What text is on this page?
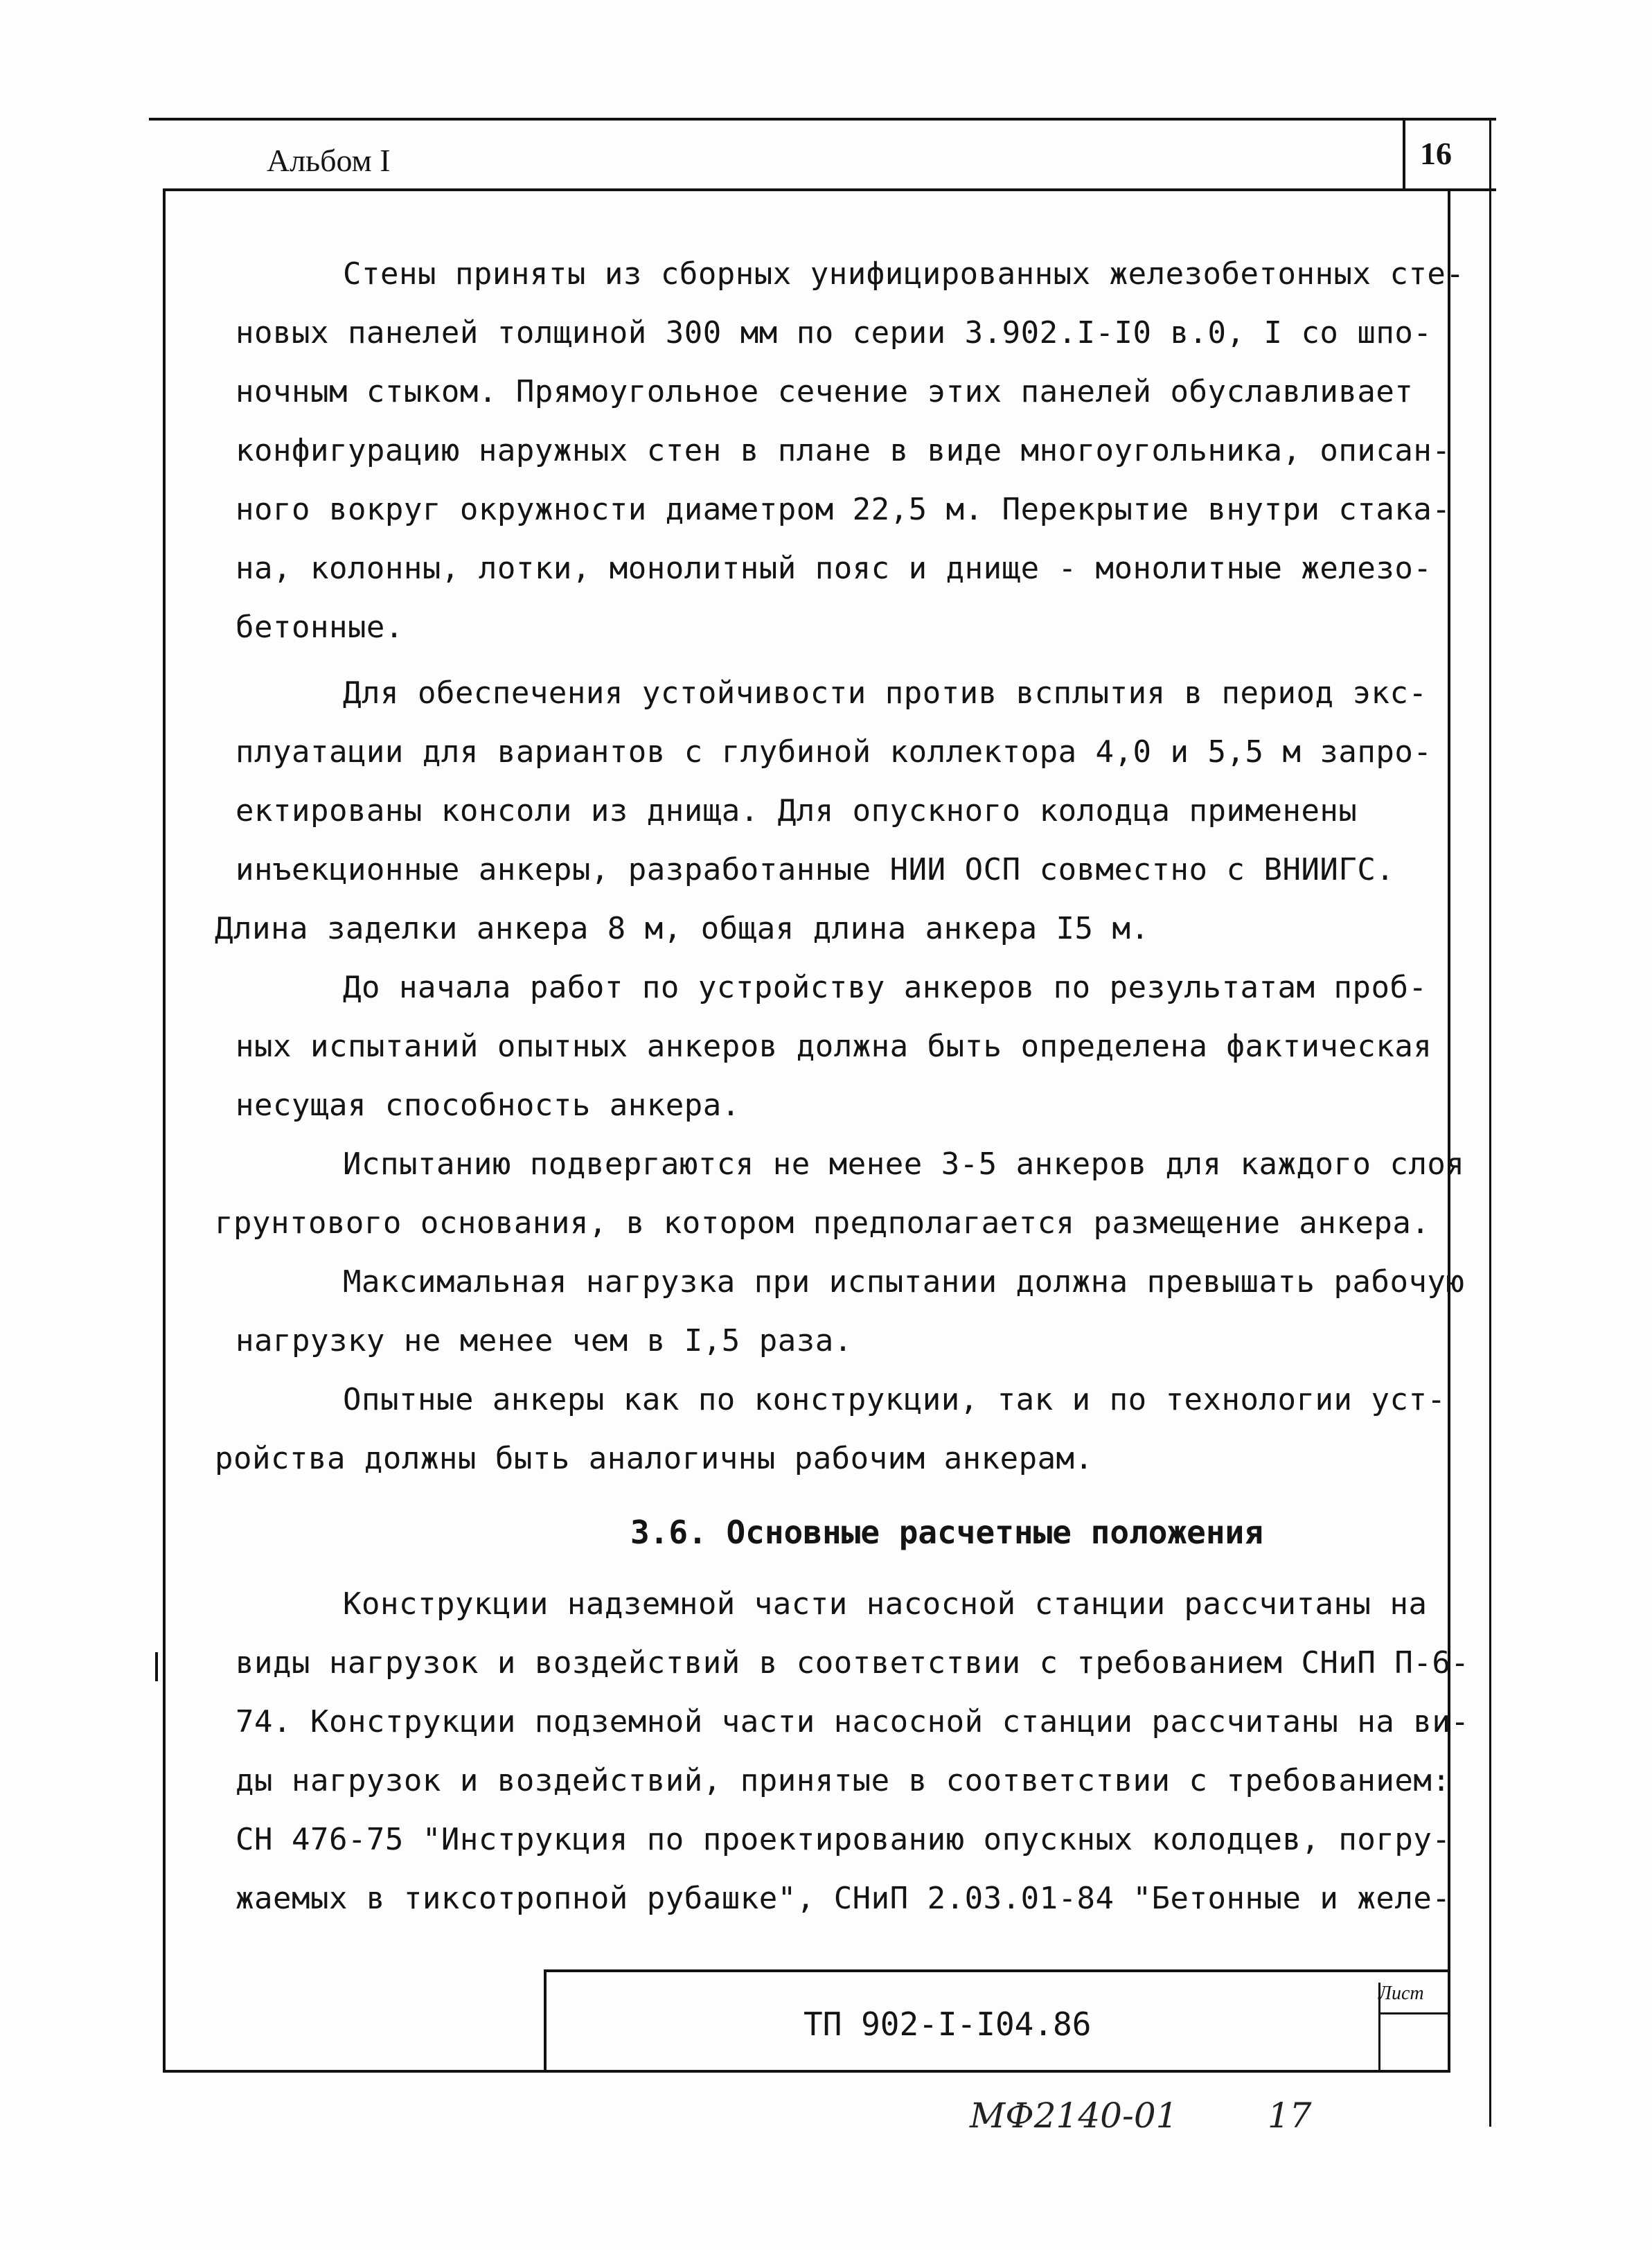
Альбом I	16
Стены приняты из сборных унифицированных железобетонных сте-
новых панелей толщиной 300 мм по серии 3.902.I-I0 в.0, I со шпо-
ночным стыком. Прямоугольное сечение этих панелей обуславливает
конфигурацию наружных стен в плане в виде многоугольника, описан-
ного вокруг окружности диаметром 22,5 м. Перекрытие внутри стака-
на, колонны, лотки, монолитный пояс и днище - монолитные железо-
бетонные.
Для обеспечения устойчивости против всплытия в период экс-
плуатации для вариантов с глубиной коллектора 4,0 и 5,5 м запро-
ектированы консоли из днища. Для опускного колодца применены
инъекционные анкеры, разработанные НИИ ОСП совместно с ВНИИГС.
Длина заделки анкера 8 м, общая длина анкера I5 м.
До начала работ по устройству анкеров по результатам проб-
ных испытаний опытных анкеров должна быть определена фактическая
несущая способность анкера.
Испытанию подвергаются не менее 3-5 анкеров для каждого слоя
грунтового основания, в котором предполагается размещение анкера.
Максимальная нагрузка при испытании должна превышать рабочую
нагрузку не менее чем в I,5 раза.
Опытные анкеры как по конструкции, так и по технологии уст-
ройства должны быть аналогичны рабочим анкерам.
3.6. Основные расчетные положения
Конструкции надземной части насосной станции рассчитаны на
виды нагрузок и воздействий в соответствии с требованием СНиП П-6-
74. Конструкции подземной части насосной станции рассчитаны на ви-
ды нагрузок и воздействий, принятые в соответствии с требованием:
СН 476-75 "Инструкция по проектированию опускных колодцев, погру-
жаемых в тиксотропной рубашке", СНиП 2.03.01-84 "Бетонные и желе-
ТП 902-I-I04.86
Лист
МФ2140-01	17
